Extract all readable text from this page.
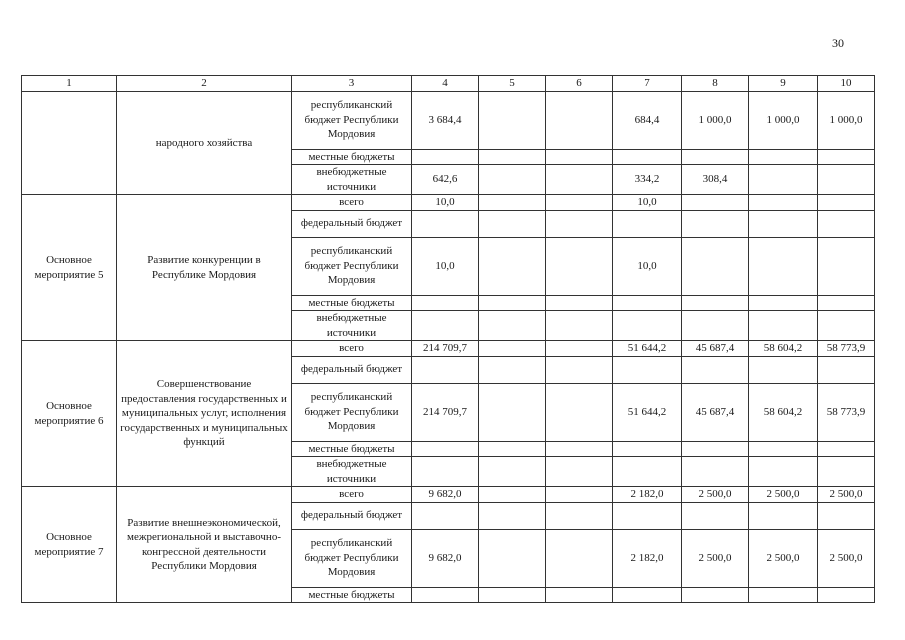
30
1	2	3	4	5	6	7	8	9	10
	народного хозяйства	республиканский бюджет Республики Мордовия	3 684,4			684,4	1 000,0	1 000,0	1 000,0
		местные бюджеты							
		внебюджетные источники	642,6			334,2	308,4		
Основное мероприятие 5	Развитие конкуренции в Республике Мордовия	всего	10,0			10,0			
		федеральный бюджет							
		республиканский бюджет Республики Мордовия	10,0			10,0			
		местные бюджеты							
		внебюджетные источники							
Основное мероприятие 6	Совершенствование предоставления государственных и муниципальных услуг, исполнения государственных и муниципальных функций	всего	214 709,7			51 644,2	45 687,4	58 604,2	58 773,9
		федеральный бюджет							
		республиканский бюджет Республики Мордовия	214 709,7			51 644,2	45 687,4	58 604,2	58 773,9
		местные бюджеты							
		внебюджетные источники							
Основное мероприятие 7	Развитие внешнеэкономической, межрегиональной и выставочно-конгрессной деятельности Республики Мордовия	всего	9 682,0			2 182,0	2 500,0	2 500,0	2 500,0
		федеральный бюджет							
		республиканский бюджет Республики Мордовия	9 682,0			2 182,0	2 500,0	2 500,0	2 500,0
		местные бюджеты							
